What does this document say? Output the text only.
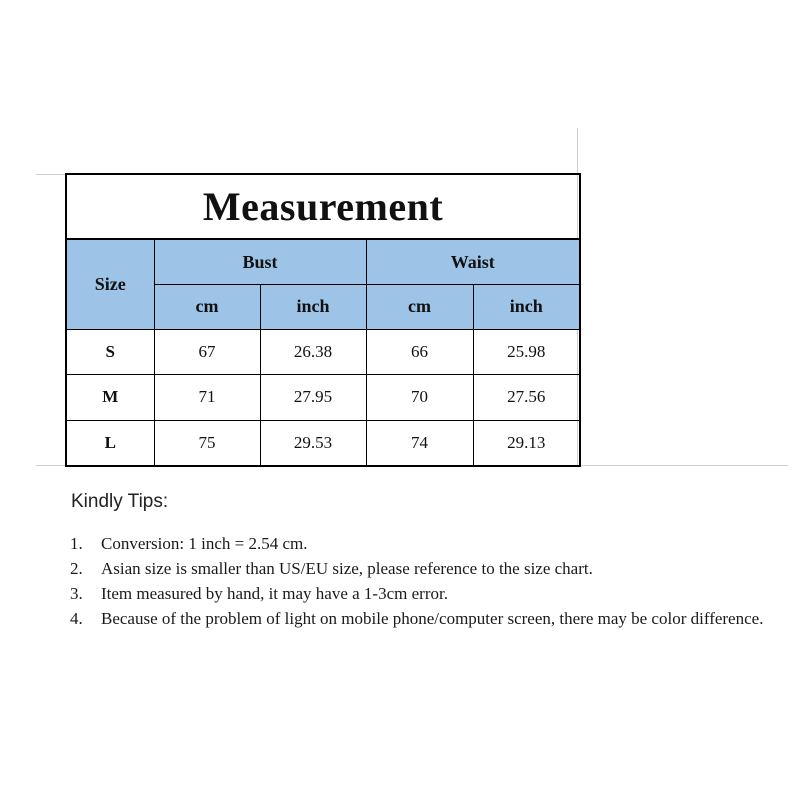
Measurement				
Size	Bust		Waist	
	cm	inch	cm	inch
S	67	26.38	66	25.98
M	71	27.95	70	27.56
L	75	29.53	74	29.13
Kindly Tips:
1. Conversion: 1 inch = 2.54 cm.
2. Asian size is smaller than US/EU size, please reference to the size chart.
3. Item measured by hand, it may have a 1-3cm error.
4. Because of the problem of light on mobile phone/computer screen, there may be color difference.
